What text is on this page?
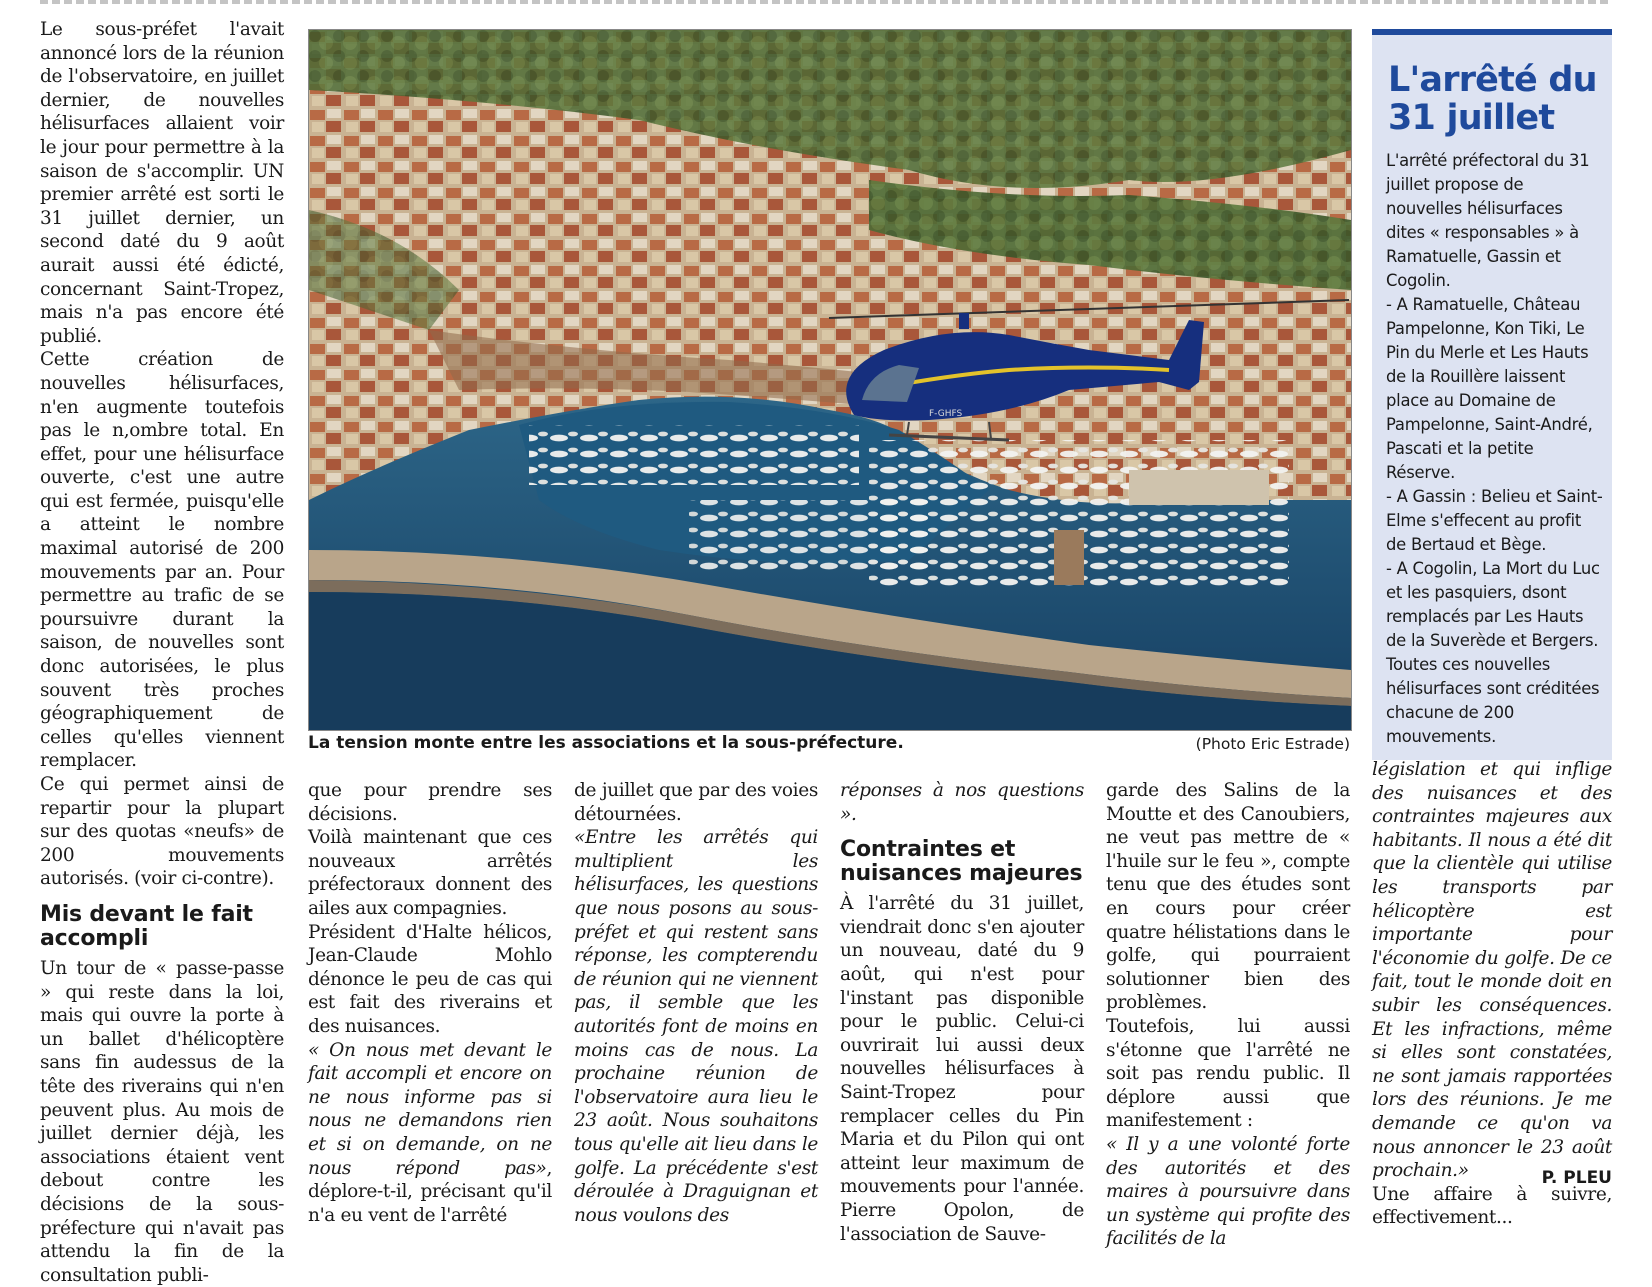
Le sous-préfet l'avait annoncé lors de la réunion de l'observatoire, en juillet dernier, de nouvelles hélisurfaces allaient voir le jour pour permettre à la saison de s'accomplir. UN premier arrêté est sorti le 31 juillet dernier, un second daté du 9 août aurait aussi été édicté, concernant Saint-Tropez, mais n'a pas encore été publié.

Cette création de nouvelles hélisurfaces, n'en augmente toutefois pas le n,ombre total. En effet, pour une hélisurface ouverte, c'est une autre qui est fermée, puisqu'elle a atteint le nombre maximal autorisé de 200 mouvements par an. Pour permettre au trafic de se poursuivre durant la saison, de nouvelles sont donc autorisées, le plus souvent très proches géographiquement de celles qu'elles viennent remplacer.

Ce qui permet ainsi de repartir pour la plupart sur des quotas «neufs» de 200 mouvements autorisés. (voir ci-contre).

Mis devant le fait accompli

Un tour de « passe-passe » qui reste dans la loi, mais qui ouvre la porte à un ballet d'hélicoptère sans fin audessus de la tête des riverains qui n'en peuvent plus. Au mois de juillet dernier déjà, les associations étaient vent debout contre les décisions de la sous-préfecture qui n'avait pas attendu la fin de la consultation publi-

F-GHFS
La tension monte entre les associations et la sous-préfecture.	(Photo Eric Estrade)

que pour prendre ses décisions.

Voilà maintenant que ces nouveaux arrêtés préfectoraux donnent des ailes aux compagnies.

Président d'Halte hélicos, Jean-Claude Mohlo dénonce le peu de cas qui est fait des riverains et des nuisances.

« On nous met devant le fait accompli et encore on ne nous informe pas si nous ne demandons rien et si on demande, on ne nous répond pas», déplore-t-il, précisant qu'il n'a eu vent de l'arrêté

de juillet que par des voies détournées.

«Entre les arrêtés qui multiplient les hélisurfaces, les questions que nous posons au sous-préfet et qui restent sans réponse, les compterendu de réunion qui ne viennent pas, il semble que les autorités font de moins en moins cas de nous. La prochaine réunion de l'observatoire aura lieu le 23 août. Nous souhaitons tous qu'elle ait lieu dans le golfe. La précédente s'est déroulée à Draguignan et nous voulons des

réponses à nos questions ».

Contraintes et nuisances majeures

À l'arrêté du 31 juillet, viendrait donc s'en ajouter un nouveau, daté du 9 août, qui n'est pour l'instant pas disponible pour le public. Celui-ci ouvrirait lui aussi deux nouvelles hélisurfaces à Saint-Tropez pour remplacer celles du Pin Maria et du Pilon qui ont atteint leur maximum de mouvements pour l'année. Pierre Opolon, de l'association de Sauve-

garde des Salins de la Moutte et des Canoubiers, ne veut pas mettre de « l'huile sur le feu », compte tenu que des études sont en cours pour créer quatre hélistations dans le golfe, qui pourraient solutionner bien des problèmes.

Toutefois, lui aussi s'étonne que l'arrêté ne soit pas rendu public. Il déplore aussi que manifestement :

« Il y a une volonté forte des autorités et des maires à poursuivre dans un système qui profite des facilités de la

L'arrêté du 31 juillet

L'arrêté préfectoral du 31 juillet propose de nouvelles hélisurfaces dites « responsables » à Ramatuelle, Gassin et Cogolin.

- A Ramatuelle, Château Pampelonne, Kon Tiki, Le Pin du Merle et Les Hauts de la Rouillère laissent place au Domaine de Pampelonne, Saint-André, Pascati et la petite Réserve.

- A Gassin : Belieu et Saint-Elme s'effecent au profit de Bertaud et Bège.

- A Cogolin, La Mort du Luc et les pasquiers, dsont remplacés par Les Hauts de la Suverède et Bergers.

Toutes ces nouvelles hélisurfaces sont créditées chacune de 200 mouvements.

législation et qui inflige des nuisances et des contraintes majeures aux habitants. Il nous a été dit que la clientèle qui utilise les transports par hélicoptère est importante pour l'économie du golfe. De ce fait, tout le monde doit en subir les conséquences. Et les infractions, même si elles sont constatées, ne sont jamais rapportées lors des réunions. Je me demande ce qu'on va nous annoncer le 23 août prochain.»

Une affaire à suivre, effectivement...

P. PLEU
